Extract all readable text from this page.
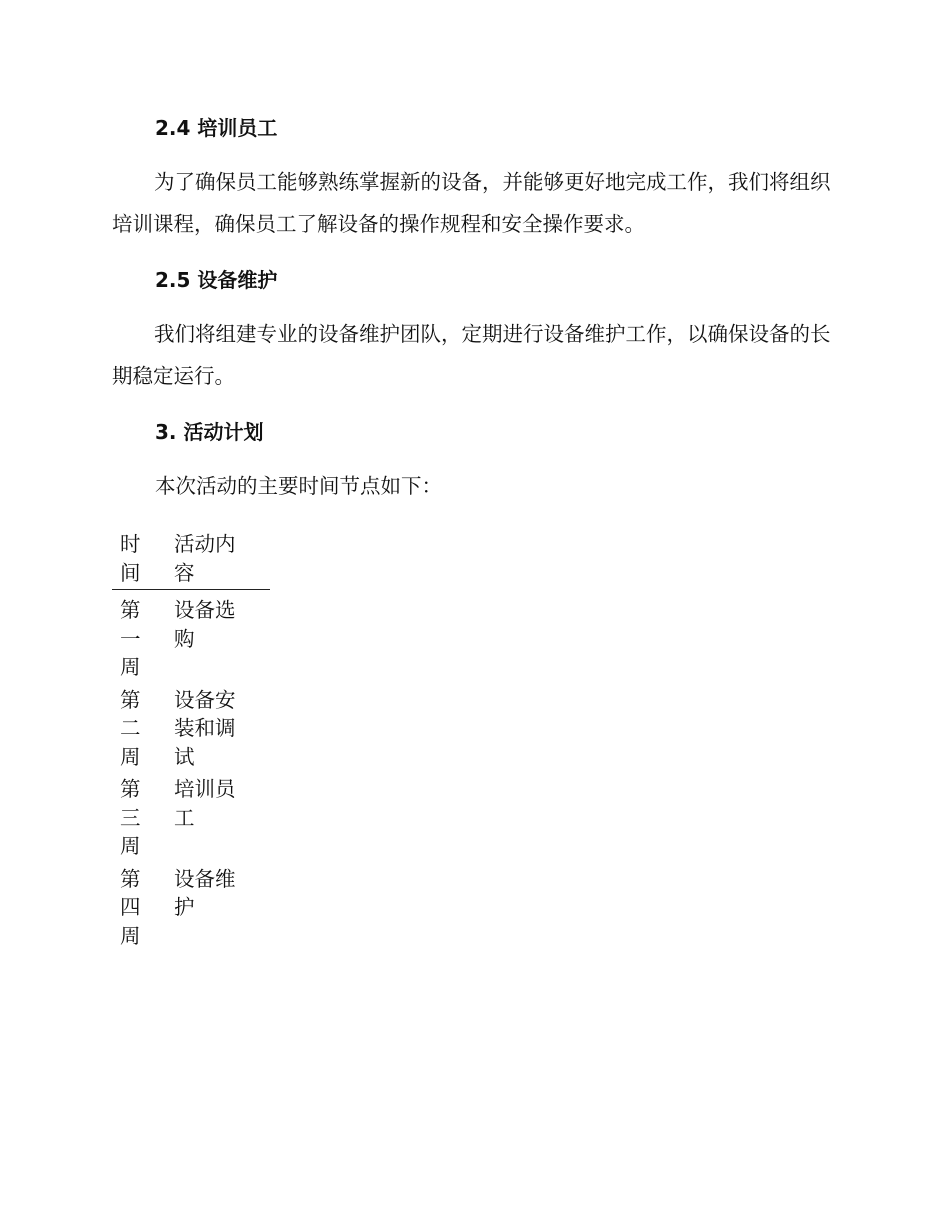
2.4 培训员工

为了确保员工能够熟练掌握新的设备，并能够更好地完成工作，我们将组织培训课程，确保员工了解设备的操作规程和安全操作要求。

2.5 设备维护

我们将组建专业的设备维护团队，定期进行设备维护工作，以确保设备的长期稳定运行。

3. 活动计划

本次活动的主要时间节点如下：

时间
活动内容
第一周
设备选购
第二周
设备安装和调试
第三周
培训员工
第四周
设备维护
